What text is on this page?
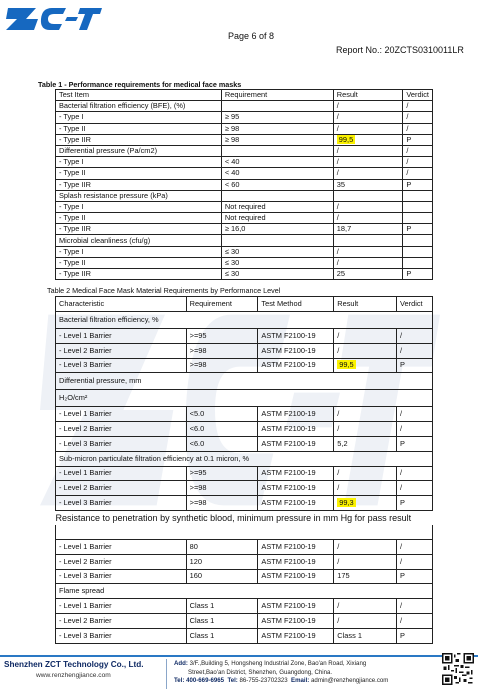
Page 6 of 8
Report No.: 20ZCTS0310011LR
Table 1 - Performance requirements for medical face masks
Test Item	Requirement	Result	Verdict
Bacterial filtration efficiency (BFE), (%)		/	/
- Type I	≥ 95	/	/
- Type II	≥ 98	/	/
- Type IIR	≥ 98	99,5	P
Differential pressure (Pa/cm2)		/	/
- Type I	< 40	/	/
- Type II	< 40	/	/
- Type IIR	< 60	35	P
Splash resistance pressure (kPa)			
- Type I	Not required	/	
- Type II	Not required	/	
- Type IIR	≥ 16,0	18,7	P
Microbial cleanliness (cfu/g)			
- Type I	≤ 30	/	
- Type II	≤ 30	/	
- Type IIR	≤ 30	25	P
Table 2 Medical Face Mask Material Requirements by Performance Level
Characteristic	Requirement	Test Method	Result	Verdict
Bacterial filtration efficiency, %				
- Level 1 Barrier	>=95	ASTM F2100-19	/	/
- Level 2 Barrier	>=98	ASTM F2100-19	/	/
- Level 3 Barrier	>=98	ASTM F2100-19	99,5	P
Differential pressure, mm				
H₂O/cm²				
- Level 1 Barrier	<5.0	ASTM F2100-19	/	/
- Level 2 Barrier	<6.0	ASTM F2100-19	/	/
- Level 3 Barrier	<6.0	ASTM F2100-19	5,2	P
Sub-micron particulate filtration efficiency at 0.1 micron, %				
- Level 1 Barrier	>=95	ASTM F2100-19	/	/
- Level 2 Barrier	>=98	ASTM F2100-19	/	/
- Level 3 Barrier	>=98	ASTM F2100-19	99,3	P
Resistance to penetration by synthetic blood, minimum pressure in mm Hg for pass result				

- Level 1 Barrier	80	ASTM F2100-19	/	/
- Level 2 Barrier	120	ASTM F2100-19	/	/
- Level 3 Barrier	160	ASTM F2100-19	175	P
Flame spread				
- Level 1 Barrier	Class 1	ASTM F2100-19	/	/
- Level 2 Barrier	Class 1	ASTM F2100-19	/	/
- Level 3 Barrier	Class 1	ASTM F2100-19	Class 1	P
Shenzhen ZCT Technology Co., Ltd.
www.renzhengjiance.com
Add: 3/F.,Building 5, Hongsheng Industrial Zone, Bao'an Road, Xixiang
Street,Bao'an District, Shenzhen, Guangdong, China.
Tel: 400-669-6965 Tel: 86-755-23702323 Email: admin@renzhengjiance.com
